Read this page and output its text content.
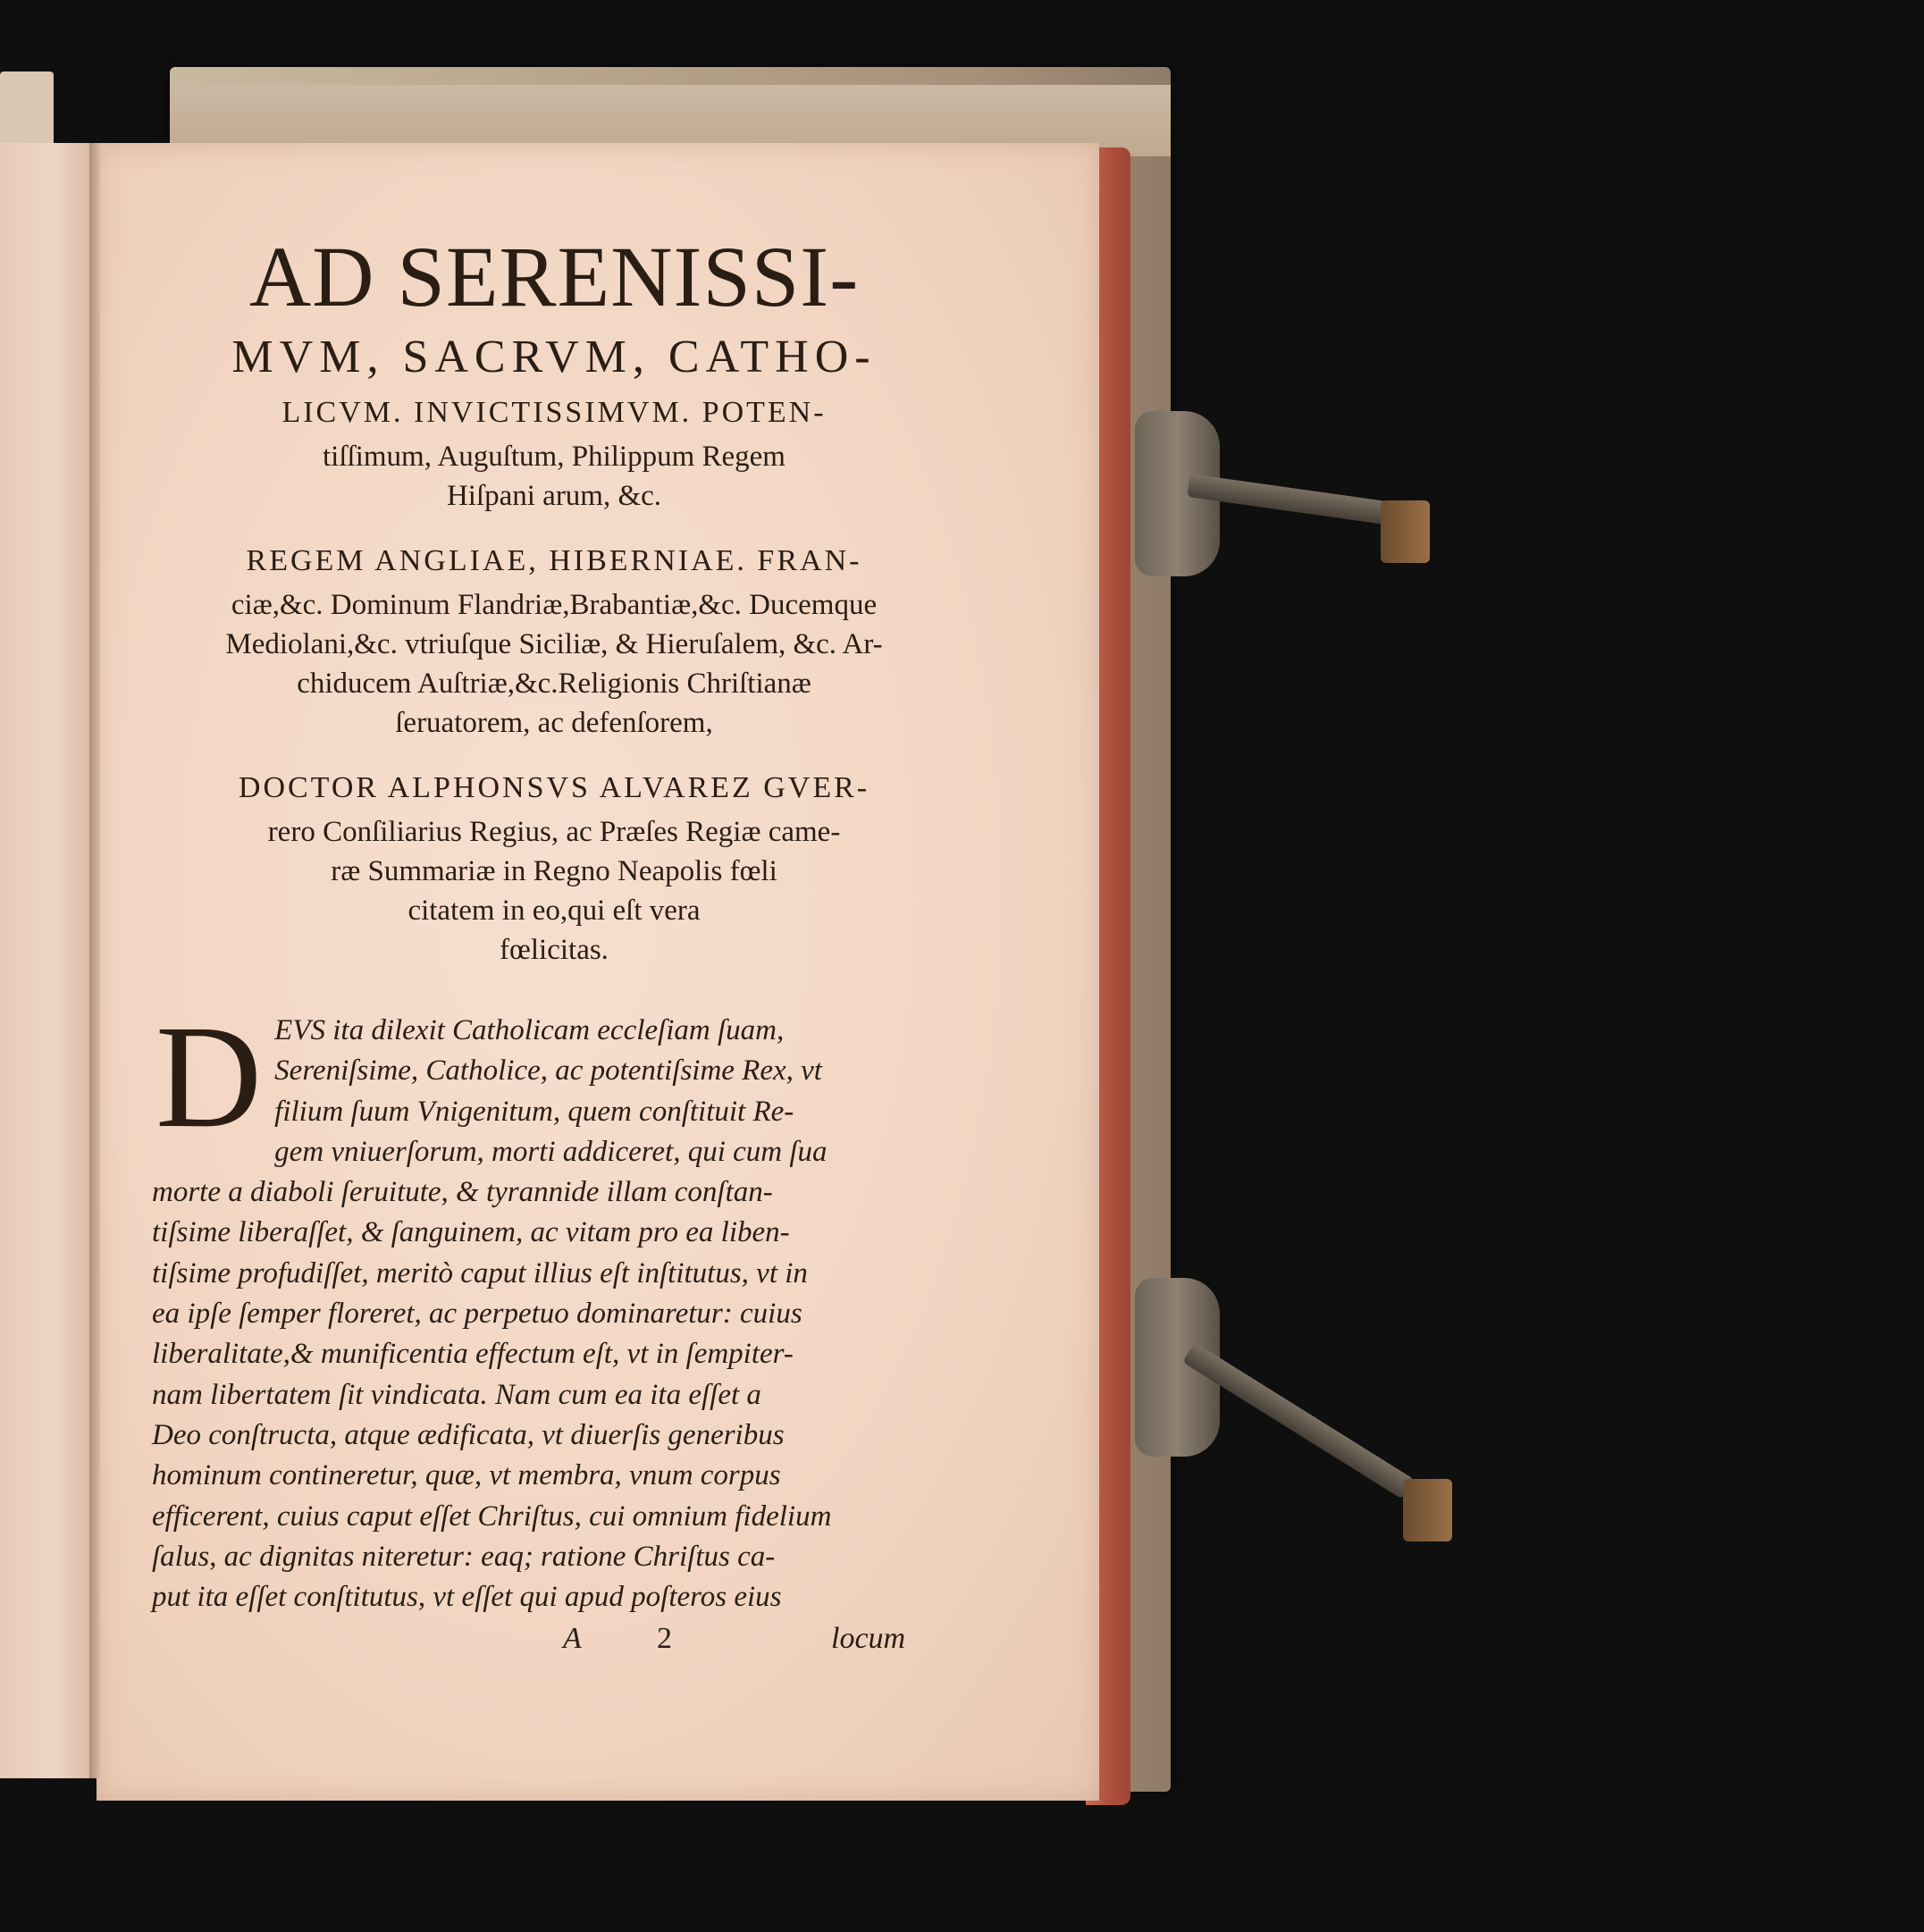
AD SERENISSI-

MVM, SACRVM, CATHO-

LICVM. INVICTISSIMVM. POTEN-

tiſſimum, Auguſtum, Philippum Regem

Hiſpani arum, &c.

REGEM ANGLIAE, HIBERNIAE. FRAN-

ciæ,&c. Dominum Flandriæ,Brabantiæ,&c. Ducemque

Mediolani,&c. vtriuſque Siciliæ, & Hieruſalem, &c. Ar-

chiducem Auſtriæ,&c.Religionis Chriſtianæ

ſeruatorem, ac defenſorem,

DOCTOR ALPHONSVS ALVAREZ GVER-

rero Conſiliarius Regius, ac Præſes Regiæ came-

ræ Summariæ in Regno Neapolis fœli

citatem in eo,qui eſt vera

fœlicitas.

D EVS ita dilexit Catholicam eccleſiam ſuam,

Sereniſsime, Catholice, ac potentiſsime Rex, vt

filium ſuum Vnigenitum, quem conſtituit Re-

gem vniuerſorum, morti addiceret, qui cum ſua

morte a diaboli ſeruitute, & tyrannide illam conſtan-

tiſsime liberaſſet, & ſanguinem, ac vitam pro ea liben-

tiſsime profudiſſet, meritò caput illius eſt inſtitutus, vt in

ea ipſe ſemper floreret, ac perpetuo dominaretur: cuius

liberalitate,& munificentia effectum eſt, vt in ſempiter-

nam libertatem ſit vindicata. Nam cum ea ita eſſet a

Deo conſtructa, atque ædificata, vt diuerſis generibus

hominum contineretur, quæ, vt membra, vnum corpus

efficerent, cuius caput eſſet Chriſtus, cui omnium fidelium

ſalus, ac dignitas niteretur: eaq; ratione Chriſtus ca-

put ita eſſet conſtitutus, vt eſſet qui apud poſteros eius

A 2	locum
